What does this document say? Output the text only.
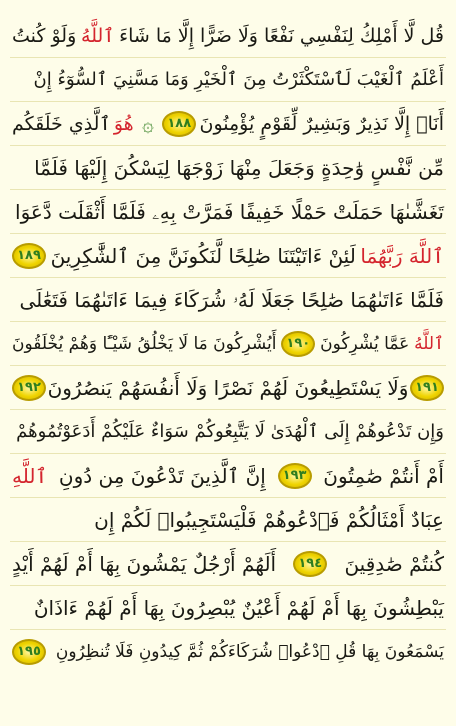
قُل لَّا أَمْلِكُ لِنَفْسِي نَفْعًا وَلَا ضَرًّا إِلَّا مَا شَاءَ
ٱللَّهُ
وَلَوْ كُنتُ
أَعْلَمُ ٱلْغَيْبَ لَٱسْتَكْثَرْتُ مِنَ ٱلْخَيْرِ وَمَا مَسَّنِيَ ٱلسُّوٓءُ إِنْ
أَنَا۠ إِلَّا نَذِيرٌ وَبَشِيرٌ لِّقَوْمٍ يُؤْمِنُونَ
١٨٨
۞
هُوَ
ٱلَّذِي خَلَقَكُم
مِّن نَّفْسٍ وَٰحِدَةٍ وَجَعَلَ مِنْهَا زَوْجَهَا لِيَسْكُنَ إِلَيْهَا فَلَمَّا
تَغَشَّىٰهَا حَمَلَتْ حَمْلًا خَفِيفًا فَمَرَّتْ بِهِۦ فَلَمَّا أَثْقَلَت دَّعَوَا
ٱللَّهَ رَبَّهُمَا
لَئِنْ ءَاتَيْتَنَا صَٰلِحًا لَّنَكُونَنَّ مِنَ ٱلشَّٰكِرِينَ
١٨٩
فَلَمَّا ءَاتَىٰهُمَا صَٰلِحًا جَعَلَا لَهُۥ شُرَكَاءَ فِيمَا ءَاتَىٰهُمَا فَتَعَٰلَى
ٱللَّهُ
عَمَّا يُشْرِكُونَ
١٩٠
أَيُشْرِكُونَ مَا لَا يَخْلُقُ شَيْـًٔا وَهُمْ يُخْلَقُونَ
١٩١
وَلَا يَسْتَطِيعُونَ لَهُمْ نَصْرًا وَلَا أَنفُسَهُمْ يَنصُرُونَ
١٩٢
وَإِن تَدْعُوهُمْ إِلَى ٱلْهُدَىٰ لَا يَتَّبِعُوكُمْ سَوَاءٌ عَلَيْكُمْ أَدَعَوْتُمُوهُمْ
أَمْ أَنتُمْ صَٰمِتُونَ
١٩٣
إِنَّ ٱلَّذِينَ تَدْعُونَ مِن دُونِ
ٱللَّهِ
عِبَادٌ أَمْثَالُكُمْ فَٱدْعُوهُمْ فَلْيَسْتَجِيبُوا۟ لَكُمْ إِن
كُنتُمْ صَٰدِقِينَ
١٩٤
أَلَهُمْ أَرْجُلٌ يَمْشُونَ بِهَا أَمْ لَهُمْ أَيْدٍ
يَبْطِشُونَ بِهَا أَمْ لَهُمْ أَعْيُنٌ يُبْصِرُونَ بِهَا أَمْ لَهُمْ ءَاذَانٌ
يَسْمَعُونَ بِهَا قُلِ ٱدْعُوا۟ شُرَكَاءَكُمْ ثُمَّ كِيدُونِ فَلَا تُنظِرُونِ
١٩٥
